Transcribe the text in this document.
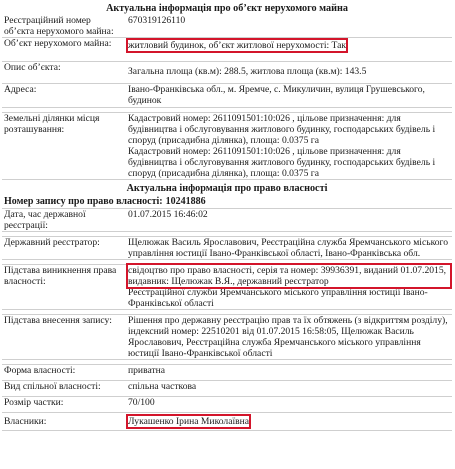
Актуальна інформація про об’єкт нерухомого майна
Реєстраційний номер об’єкта нерухомого майна:	670319126110
Об’єкт нерухомого майна:	житловий будинок, об’єкт житлової нерухомості: Так
Опис об’єкта:	Загальна площа (кв.м): 288.5, житлова площа (кв.м): 143.5
Адреса:	Івано-Франківська обл., м. Яремче, с. Микуличин, вулиця Грушевського, будинок

Земельні ділянки місця розташування:	Кадастровий номер: 2611091501:10:026 , цільове призначення: для будівництва і обслуговування житлового будинку, господарських будівель і споруд (присадибна ділянка), площа: 0.0375 га
Кадастровий номер: 2611091501:10:026 , цільове призначення: для будівництва і обслуговування житлового будинку, господарських будівель і споруд (присадибна ділянка), площа: 0.0375 га
Актуальна інформація про право власності
Номер запису про право власності: 10241886
Дата, час державної реєстрації:	01.07.2015 16:46:02

Державний реєстратор:	Щелюжак Василь Ярославович, Реєстраційна служба Яремчанського міського управління юстиції Івано-Франківської області, Івано-Франківська обл.

Підстава виникнення права власності:	свідоцтво про право власності, серія та номер: 39936391, виданий 01.07.2015, видавник: Щелюжак В.Я., державний реєстратор
Реєстраційної служби Яремчанського міського управління юстиції Івано-Франківської області

Підстава внесення запису:	Рішення про державну реєстрацію прав та їх обтяжень (з відкриттям розділу), індексний номер: 22510201 від 01.07.2015 16:58:05, Щелюжак Василь Ярославович, Реєстраційна служба Яремчанського міського управління юстиції Івано-Франківської області

Форма власності:	приватна
Вид спільної власності:	спільна часткова
Розмір частки:	70/100
Власники:	Лукашенко Ірина Миколаївна
